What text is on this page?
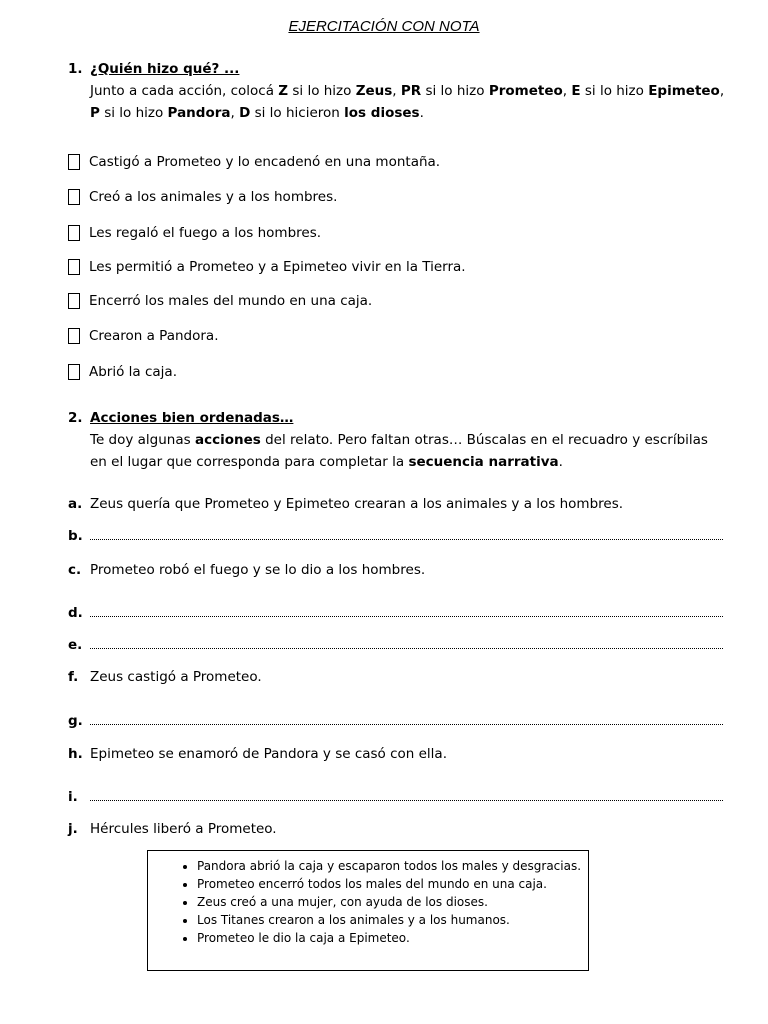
EJERCITACIÓN CON NOTA
1. ¿Quién hizo qué? ...
Junto a cada acción, colocá Z si lo hizo Zeus, PR si lo hizo Prometeo, E si lo hizo Epimeteo,
P si lo hizo Pandora, D si lo hicieron los dioses.
Castigó a Prometeo y lo encadenó en una montaña.
Creó a los animales y a los hombres.
Les regaló el fuego a los hombres.
Les permitió a Prometeo y a Epimeteo vivir en la Tierra.
Encerró los males del mundo en una caja.
Crearon a Pandora.
Abrió la caja.
2. Acciones bien ordenadas…
Te doy algunas acciones del relato. Pero faltan otras… Búscalas en el recuadro y escríbilas en el lugar que corresponda para completar la secuencia narrativa.
a. Zeus quería que Prometeo y Epimeteo crearan a los animales y a los hombres.
b.
c. Prometeo robó el fuego y se lo dio a los hombres.
d.
e.
f. Zeus castigó a Prometeo.
g.
h. Epimeteo se enamoró de Pandora y se casó con ella.
i.
j. Hércules liberó a Prometeo.
• Pandora abrió la caja y escaparon todos los males y desgracias.
• Prometeo encerró todos los males del mundo en una caja.
• Zeus creó a una mujer, con ayuda de los dioses.
• Los Titanes crearon a los animales y a los humanos.
• Prometeo le dio la caja a Epimeteo.
